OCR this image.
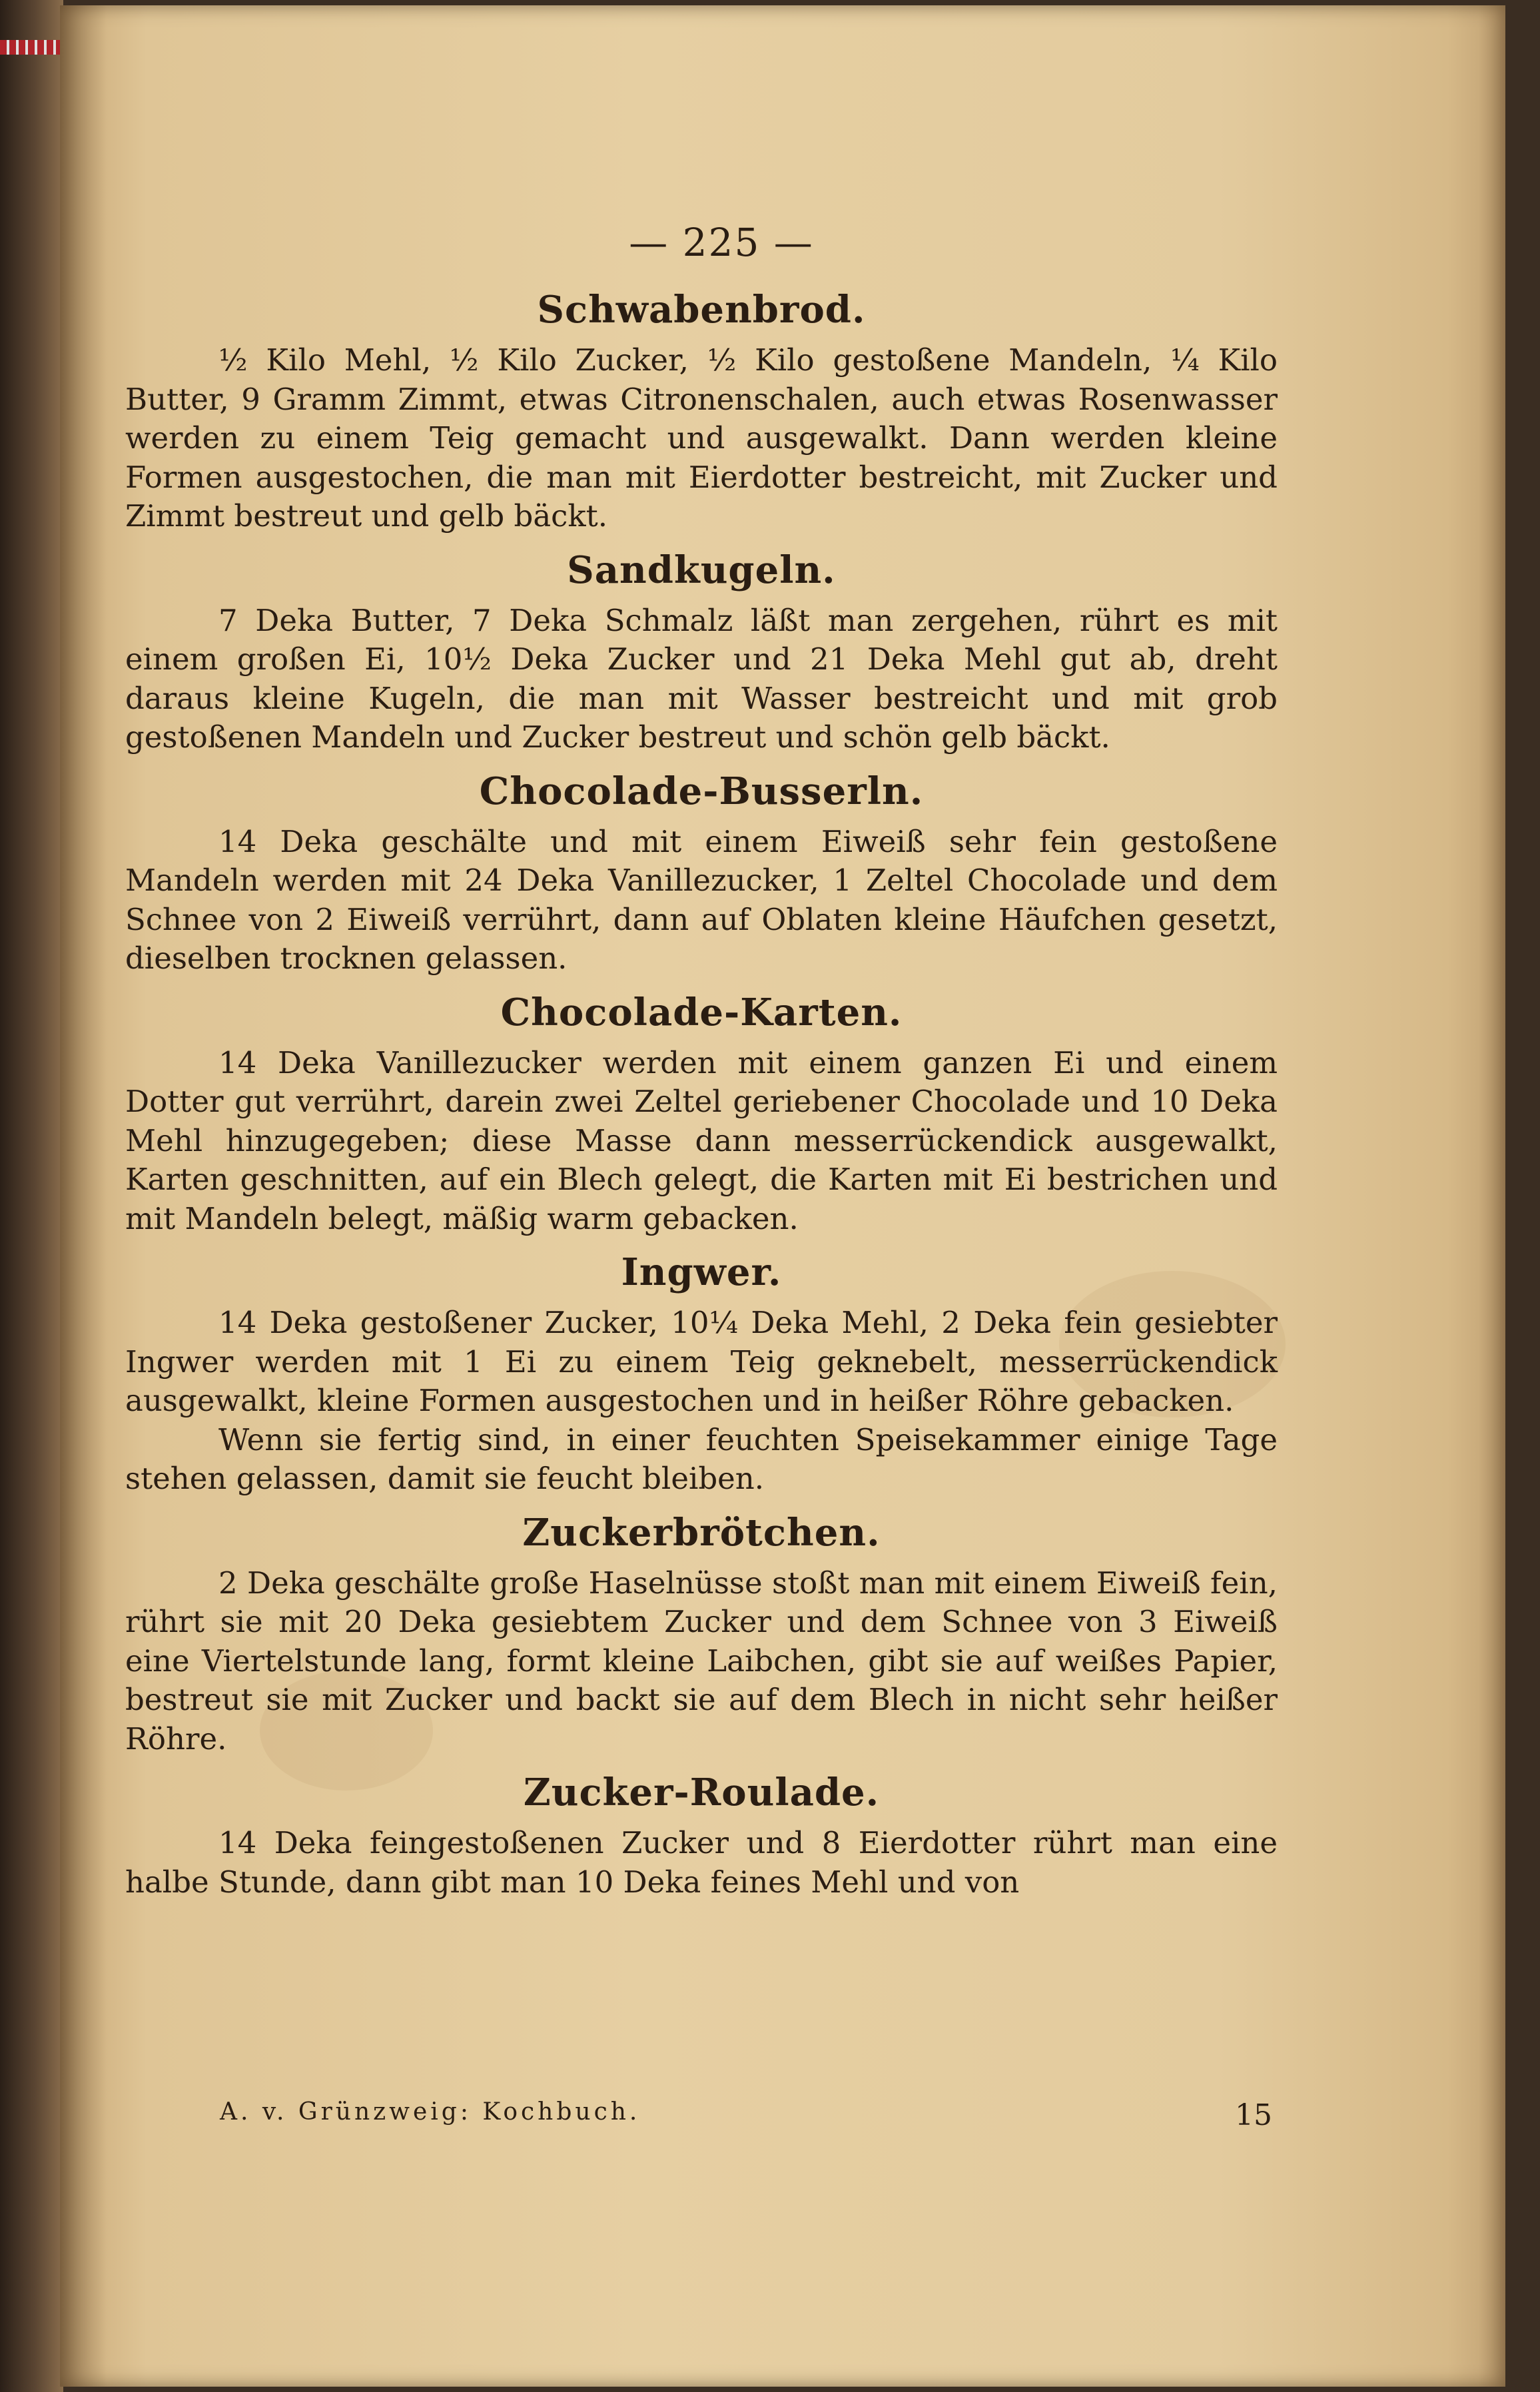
— 225 —
Schwabenbrod.

½ Kilo Mehl, ½ Kilo Zucker, ½ Kilo gestoßene Mandeln, ¼ Kilo Butter, 9 Gramm Zimmt, etwas Citronenschalen, auch etwas Rosenwasser werden zu einem Teig gemacht und ausgewalkt. Dann werden kleine Formen ausgestochen, die man mit Eierdotter bestreicht, mit Zucker und Zimmt bestreut und gelb bäckt.

Sandkugeln.

7 Deka Butter, 7 Deka Schmalz läßt man zergehen, rührt es mit einem großen Ei, 10½ Deka Zucker und 21 Deka Mehl gut ab, dreht daraus kleine Kugeln, die man mit Wasser bestreicht und mit grob gestoßenen Mandeln und Zucker bestreut und schön gelb bäckt.

Chocolade-Busserln.

14 Deka geschälte und mit einem Eiweiß sehr fein gestoßene Mandeln werden mit 24 Deka Vanillezucker, 1 Zeltel Chocolade und dem Schnee von 2 Eiweiß verrührt, dann auf Oblaten kleine Häufchen gesetzt, dieselben trocknen gelassen.

Chocolade-Karten.

14 Deka Vanillezucker werden mit einem ganzen Ei und einem Dotter gut verrührt, darein zwei Zeltel geriebener Chocolade und 10 Deka Mehl hinzugegeben; diese Masse dann messerrückendick ausgewalkt, Karten geschnitten, auf ein Blech gelegt, die Karten mit Ei bestrichen und mit Mandeln belegt, mäßig warm gebacken.

Ingwer.

14 Deka gestoßener Zucker, 10¼ Deka Mehl, 2 Deka fein gesiebter Ingwer werden mit 1 Ei zu einem Teig geknebelt, messerrückendick ausgewalkt, kleine Formen ausgestochen und in heißer Röhre gebacken.

Wenn sie fertig sind, in einer feuchten Speisekammer einige Tage stehen gelassen, damit sie feucht bleiben.

Zuckerbrötchen.

2 Deka geschälte große Haselnüsse stoßt man mit einem Eiweiß fein, rührt sie mit 20 Deka gesiebtem Zucker und dem Schnee von 3 Eiweiß eine Viertelstunde lang, formt kleine Laibchen, gibt sie auf weißes Papier, bestreut sie mit Zucker und backt sie auf dem Blech in nicht sehr heißer Röhre.

Zucker-Roulade.

14 Deka feingestoßenen Zucker und 8 Eierdotter rührt man eine halbe Stunde, dann gibt man 10 Deka feines Mehl und von

A. v. Grünzweig: Kochbuch.	15
